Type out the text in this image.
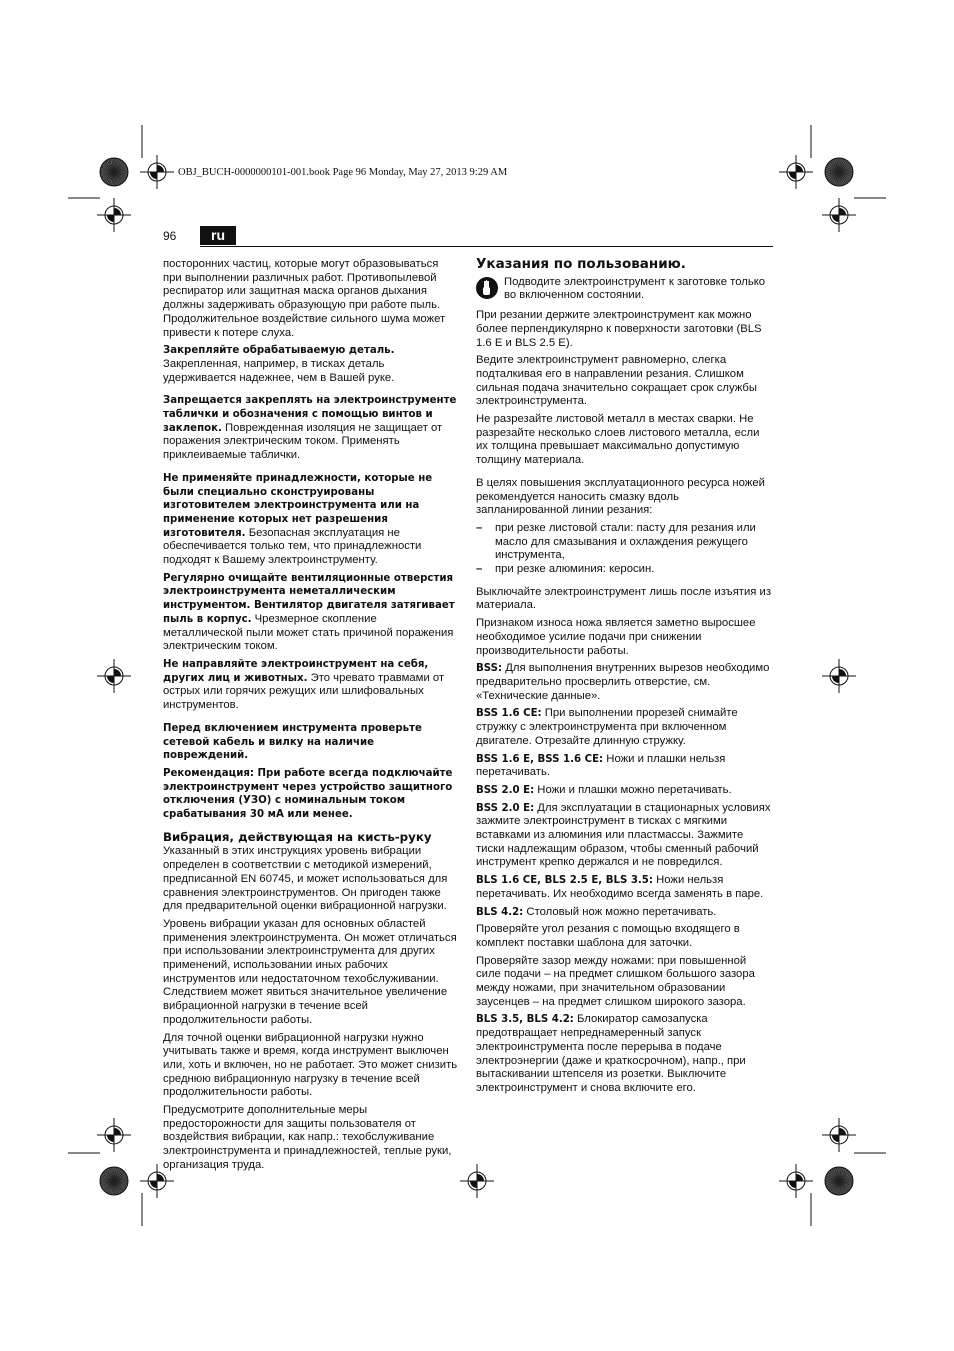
OBJ_BUCH-0000000101-001.book Page 96 Monday, May 27, 2013 9:29 AM
96	ru

посторонних частиц, которые могут образовываться при выполнении различных работ. Противопылевой респиратор или защитная маска органов дыхания должны задерживать образующую при работе пыль. Продолжительное воздействие сильного шума может привести к потере слуха.

Закрепляйте обрабатываемую деталь. Закрепленная, например, в тисках деталь удерживается надежнее, чем в Вашей руке.

Запрещается закреплять на электроинструменте таблички и обозначения с помощью винтов и заклепок. Поврежденная изоляция не защищает от поражения электрическим током. Применять приклеиваемые таблички.

Не применяйте принадлежности, которые не были специально сконструированы изготовителем электроинструмента или на применение которых нет разрешения изготовителя. Безопасная эксплуатация не обеспечивается только тем, что принадлежности подходят к Вашему электроинструменту.

Регулярно очищайте вентиляционные отверстия электроинструмента неметаллическим инструментом. Вентилятор двигателя затягивает пыль в корпус. Чрезмерное скопление металлической пыли может стать причиной поражения электрическим током.

Не направляйте электроинструмент на себя, других лиц и животных. Это чревато травмами от острых или горячих режущих или шлифовальных инструментов.

Перед включением инструмента проверьте сетевой кабель и вилку на наличие повреждений.

Рекомендация: При работе всегда подключайте электроинструмент через устройство защитного отключения (УЗО) с номинальным током срабатывания 30 мА или менее.

Вибрация, действующая на кисть-руку

Указанный в этих инструкциях уровень вибрации определен в соответствии с методикой измерений, предписанной EN 60745, и может использоваться для сравнения электроинструментов. Он пригоден также для предварительной оценки вибрационной нагрузки.

Уровень вибрации указан для основных областей применения электроинструмента. Он может отличаться при использовании электроинструмента для других применений, использовании иных рабочих инструментов или недостаточном техобслуживании. Следствием может явиться значительное увеличение вибрационной нагрузки в течение всей продолжительности работы.

Для точной оценки вибрационной нагрузки нужно учитывать также и время, когда инструмент выключен или, хоть и включен, но не работает. Это может снизить среднюю вибрационную нагрузку в течение всей продолжительности работы.

Предусмотрите дополнительные меры предосторожности для защиты пользователя от воздействия вибрации, как напр.: техобслуживание электроинструмента и принадлежностей, теплые руки, организация труда.

Указания по пользованию.
Подводите электроинструмент к заготовке только во включенном состоянии.

При резании держите электроинструмент как можно более перпендикулярно к поверхности заготовки (BLS 1.6 E и BLS 2.5 E).

Ведите электроинструмент равномерно, слегка подталкивая его в направлении резания. Слишком сильная подача значительно сокращает срок службы электроинструмента.

Не разрезайте листовой металл в местах сварки. Не разрезайте несколько слоев листового металла, если их толщина превышает максимально допустимую толщину материала.

В целях повышения эксплуатационного ресурса ножей рекомендуется наносить смазку вдоль запланированной линии резания:

– при резке листовой стали: пасту для резания или масло для смазывания и охлаждения режущего инструмента,
– при резке алюминия: керосин.

Выключайте электроинструмент лишь после изъятия из материала.

Признаком износа ножа является заметно выросшее необходимое усилие подачи при снижении производительности работы.

BSS: Для выполнения внутренних вырезов необходимо предварительно просверлить отверстие, см. «Технические данные».

BSS 1.6 CE: При выполнении прорезей снимайте стружку с электроинструмента при включенном двигателе. Отрезайте длинную стружку.

BSS 1.6 E, BSS 1.6 CE: Ножи и плашки нельзя перетачивать.

BSS 2.0 E: Ножи и плашки можно перетачивать.

BSS 2.0 E: Для эксплуатации в стационарных условиях зажмите электроинструмент в тисках с мягкими вставками из алюминия или пластмассы. Зажмите тиски надлежащим образом, чтобы сменный рабочий инструмент крепко держался и не повредился.

BLS 1.6 CE, BLS 2.5 E, BLS 3.5: Ножи нельзя перетачивать. Их необходимо всегда заменять в паре.

BLS 4.2: Столовый нож можно перетачивать.

Проверяйте угол резания с помощью входящего в комплект поставки шаблона для заточки.

Проверяйте зазор между ножами: при повышенной силе подачи – на предмет слишком большого зазора между ножами, при значительном образовании заусенцев – на предмет слишком широкого зазора.

BLS 3.5, BLS 4.2: Блокиратор самозапуска предотвращает непреднамеренный запуск электроинструмента после перерыва в подаче электроэнергии (даже и краткосрочном), напр., при вытаскивании штепселя из розетки. Выключите электроинструмент и снова включите его.
